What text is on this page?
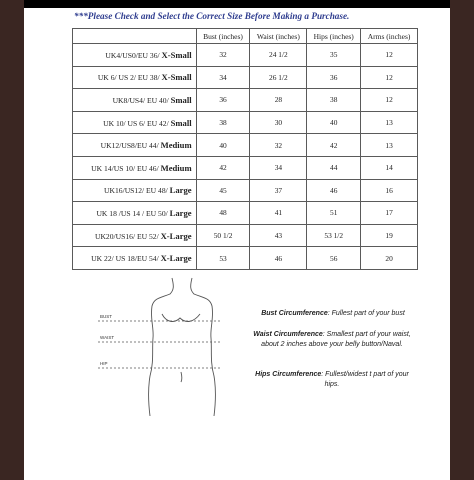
***Please Check and Select the Correct Size Before Making a Purchase.
	Bust (inches)	Waist (inches)	Hips (inches)	Arms (inches)
UK4/US0/EU 36/ X-Small	32	24 1/2	35	12
UK 6/ US 2/ EU 38/ X-Small	34	26 1/2	36	12
UK8/US4/ EU 40/ Small	36	28	38	12
UK 10/ US 6/ EU 42/ Small	38	30	40	13
UK12/US8/EU 44/ Medium	40	32	42	13
UK 14/US 10/ EU 46/ Medium	42	34	44	14
UK16/US12/ EU 48/ Large	45	37	46	16
UK 18 /US 14 / EU 50/ Large	48	41	51	17
UK20/US16/ EU 52/ X-Large	50 1/2	43	53 1/2	19
UK 22/ US 18/EU 54/ X-Large	53	46	56	20
BUST
WAIST
HIP
Bust Circumference: Fullest part of your bust
Waist Circumference: Smallest part of your waist, about 2 inches above your belly button/Naval.
Hips Circumference: Fullest/widest t part of your hips.
